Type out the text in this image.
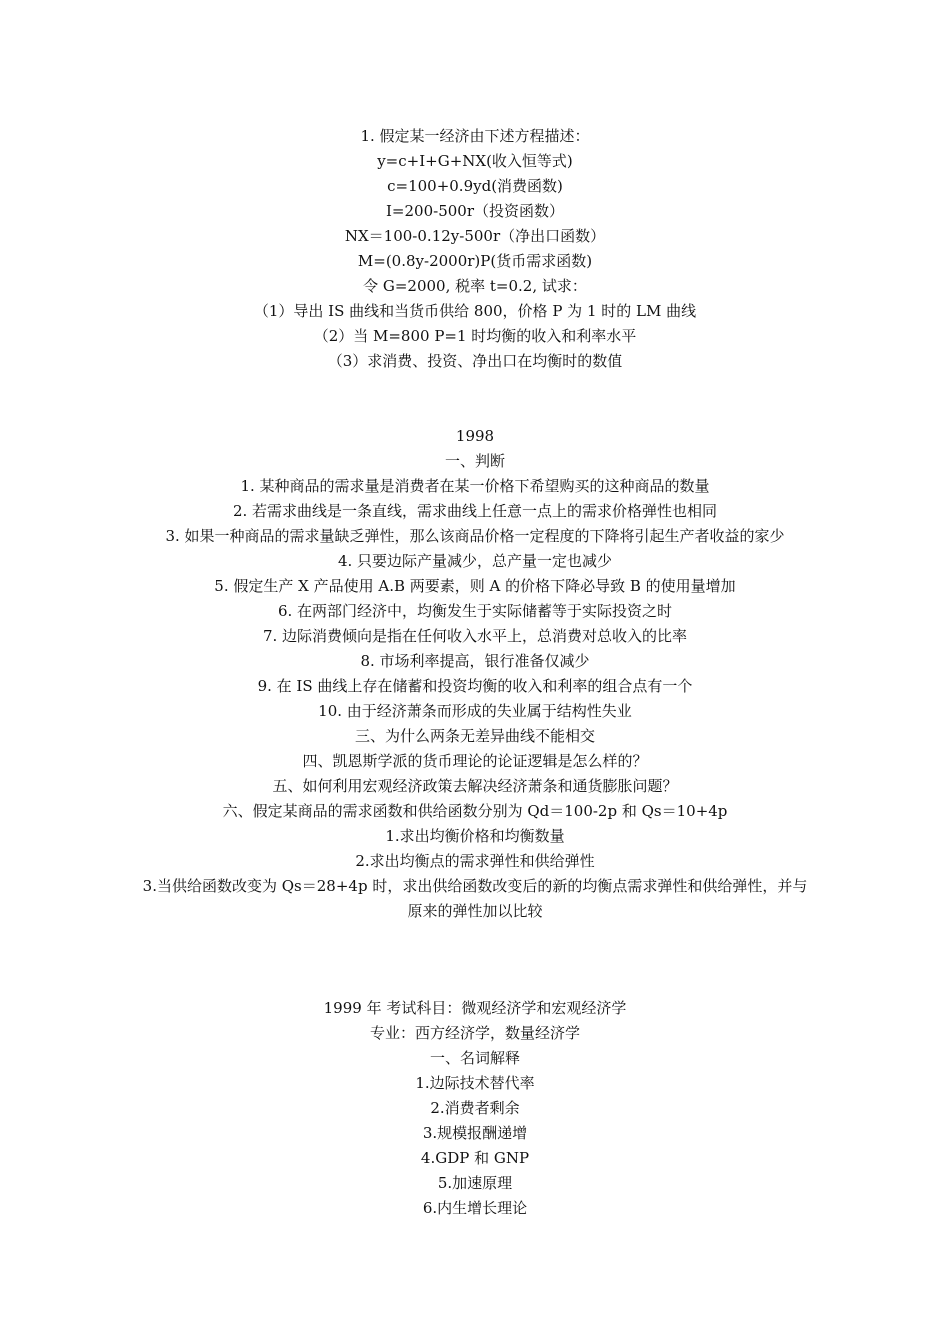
1. 假定某一经济由下述方程描述：
y=c+I+G+NX(收入恒等式)
c=100+0.9yd(消费函数)
I=200-500r（投资函数）
NX＝100-0.12y-500r（净出口函数）
M=(0.8y-2000r)P(货币需求函数)
令 G=2000, 税率 t=0.2, 试求：
（1）导出 IS 曲线和当货币供给 800，价格 P 为 1 时的 LM 曲线
（2）当 M=800 P=1 时均衡的收入和利率水平
（3）求消费、投资、净出口在均衡时的数值
1998
一、判断
1. 某种商品的需求量是消费者在某一价格下希望购买的这种商品的数量
2. 若需求曲线是一条直线，需求曲线上任意一点上的需求价格弹性也相同
3. 如果一种商品的需求量缺乏弹性，那么该商品价格一定程度的下降将引起生产者收益的家少
4. 只要边际产量减少，总产量一定也减少
5. 假定生产 X 产品使用 A.B 两要素，则 A 的价格下降必导致 B 的使用量增加
6. 在两部门经济中，均衡发生于实际储蓄等于实际投资之时
7. 边际消费倾向是指在任何收入水平上，总消费对总收入的比率
8. 市场利率提高，银行准备仅减少
9. 在 IS 曲线上存在储蓄和投资均衡的收入和利率的组合点有一个
10. 由于经济萧条而形成的失业属于结构性失业
三、为什么两条无差异曲线不能相交
四、凯恩斯学派的货币理论的论证逻辑是怎么样的？
五、如何利用宏观经济政策去解决经济萧条和通货膨胀问题？
六、假定某商品的需求函数和供给函数分别为 Qd＝100-2p 和 Qs＝10+4p
1.求出均衡价格和均衡数量
2.求出均衡点的需求弹性和供给弹性
3.当供给函数改变为 Qs＝28+4p 时，求出供给函数改变后的新的均衡点需求弹性和供给弹性，并与原来的弹性加以比较
1999 年 考试科目：微观经济学和宏观经济学
专业：西方经济学，数量经济学
一、名词解释
1.边际技术替代率
2.消费者剩余
3.规模报酬递增
4.GDP 和 GNP
5.加速原理
6.内生增长理论
